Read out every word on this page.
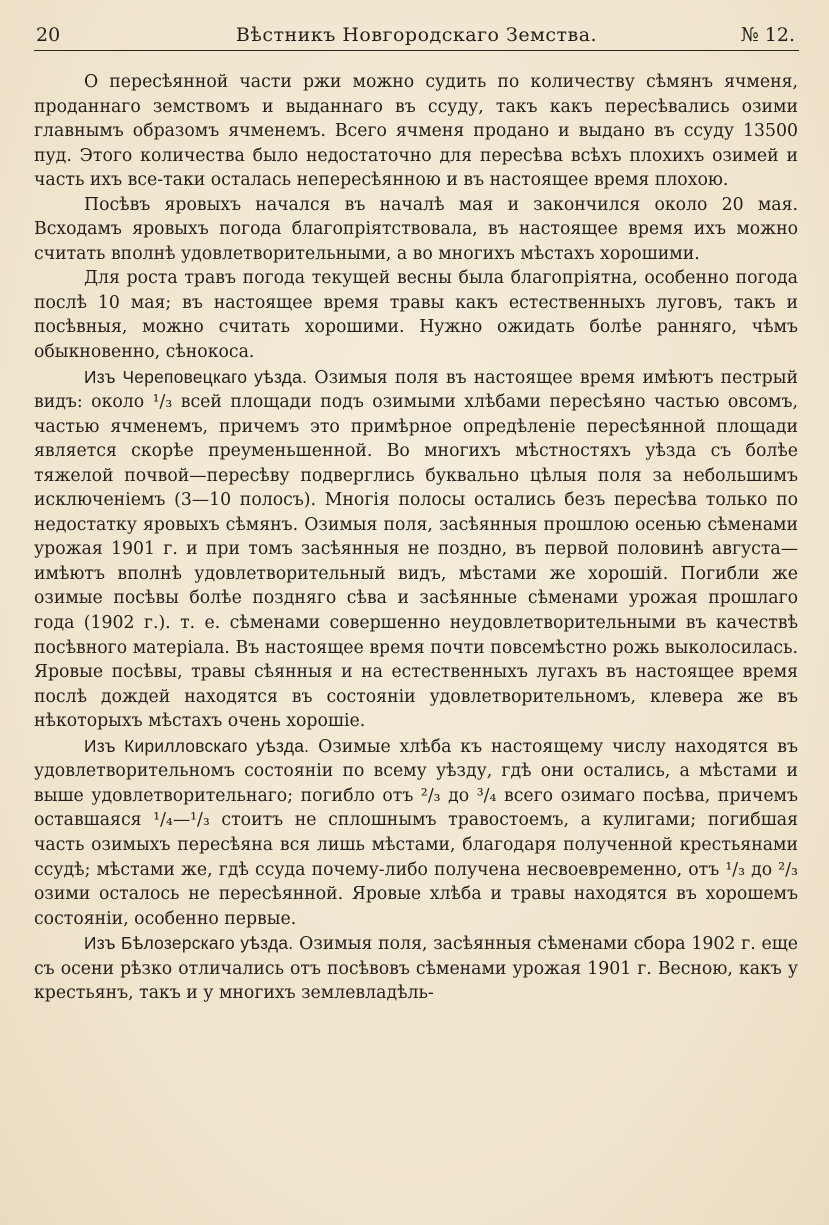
20	Вѣстникъ Новгородскаго Земства.	№ 12.

О пересѣянной части ржи можно судить по количеству сѣмянъ ячменя, проданнаго земствомъ и выданнаго въ ссуду, такъ какъ пересѣвались озими главнымъ образомъ ячменемъ. Всего ячменя продано и выдано въ ссуду 13500 пуд. Этого количества было недостаточно для пересѣва всѣхъ плохихъ озимей и часть ихъ все-таки осталась непересѣянною и въ настоящее время плохою.

Посѣвъ яровыхъ начался въ началѣ мая и закончился около 20 мая. Всходамъ яровыхъ погода благопріятствовала, въ настоящее время ихъ можно считать вполнѣ удовлетворительными, а во многихъ мѣстахъ хорошими.

Для роста травъ погода текущей весны была благопріятна, особенно погода послѣ 10 мая; въ настоящее время травы какъ естественныхъ луговъ, такъ и посѣвныя, можно считать хорошими. Нужно ожидать болѣе ранняго, чѣмъ обыкновенно, сѣнокоса.

Изъ Череповецкаго уѣзда. Озимыя поля въ настоящее время имѣютъ пестрый видъ: около ¹/₃ всей площади подъ озимыми хлѣбами пересѣяно частью овсомъ, частью ячменемъ, причемъ это примѣрное опредѣленіе пересѣянной площади является скорѣе преуменьшенной. Во многихъ мѣстностяхъ уѣзда съ болѣе тяжелой почвой—пересѣву подверглись буквально цѣлыя поля за небольшимъ исключеніемъ (3—10 полосъ). Многія полосы остались безъ пересѣва только по недостатку яровыхъ сѣмянъ. Озимыя поля, засѣянныя прошлою осенью сѣменами урожая 1901 г. и при томъ засѣянныя не поздно, въ первой половинѣ августа—имѣютъ вполнѣ удовлетворительный видъ, мѣстами же хорошій. Погибли же озимые посѣвы болѣе поздняго сѣва и засѣянные сѣменами урожая прошлаго года (1902 г.). т. е. сѣменами совершенно неудовлетворительными въ качествѣ посѣвного матеріала. Въ настоящее время почти повсемѣстно рожь выколосилась. Яровые посѣвы, травы сѣянныя и на естественныхъ лугахъ въ настоящее время послѣ дождей находятся въ состояніи удовлетворительномъ, клевера же въ нѣкоторыхъ мѣстахъ очень хорошіе.

Изъ Кирилловскаго уѣзда. Озимые хлѣба къ настоящему числу находятся въ удовлетворительномъ состояніи по всему уѣзду, гдѣ они остались, а мѣстами и выше удовлетворительнаго; погибло отъ ²/₃ до ³/₄ всего озимаго посѣва, причемъ оставшаяся ¹/₄—¹/₃ стоитъ не сплошнымъ травостоемъ, а кулигами; погибшая часть озимыхъ пересѣяна вся лишь мѣстами, благодаря полученной крестьянами ссудѣ; мѣстами же, гдѣ ссуда почему-либо получена несвоевременно, отъ ¹/₃ до ²/₃ озими осталось не пересѣянной. Яровые хлѣба и травы находятся въ хорошемъ состояніи, особенно первые.

Изъ Бѣлозерскаго уѣзда. Озимыя поля, засѣянныя сѣменами сбора 1902 г. еще съ осени рѣзко отличались отъ посѣвовъ сѣменами урожая 1901 г. Весною, какъ у крестьянъ, такъ и у многихъ землевладѣль-
